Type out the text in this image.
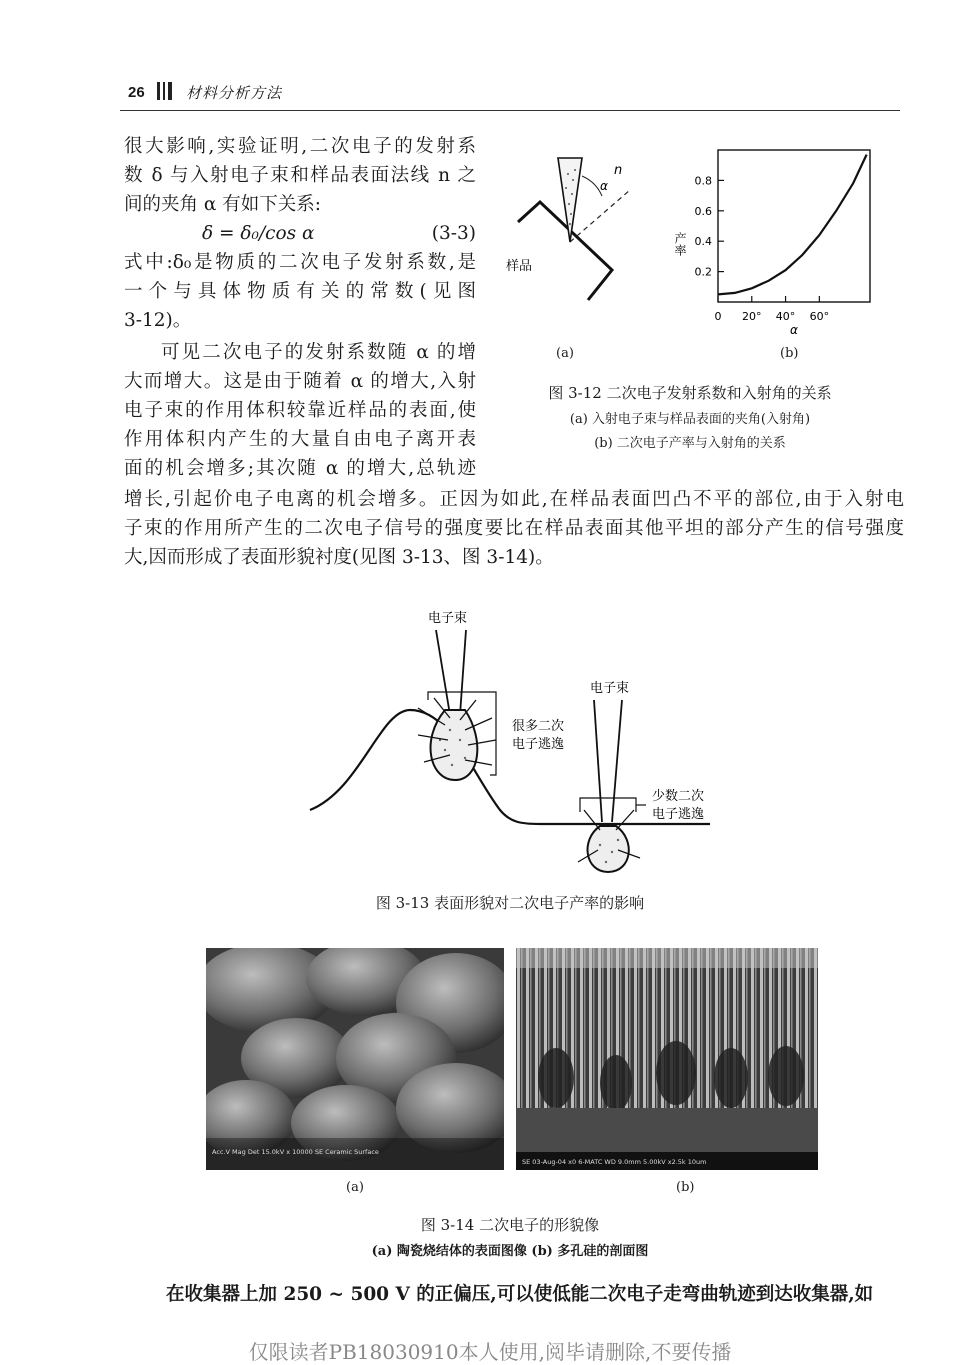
26	材料分析方法
很大影响,实验证明,二次电子的发射系
数 δ 与入射电子束和样品表面法线 n 之
间的夹角 α 有如下关系:
δ = δ₀/cos α	(3-3)
式中:δ₀是物质的二次电子发射系数,是
一个与具体物质有关的常数(见图
3-12)。
可见二次电子的发射系数随 α 的增
大而增大。这是由于随着 α 的增大,入射
电子束的作用体积较靠近样品的表面,使
作用体积内产生的大量自由电子离开表
面的机会增多;其次随 α 的增大,总轨迹
α
n
样品	0.2
0.4
0.6
0.8
0 20° 40° 60°
产率
α
(a)	(b)
图 3-12 二次电子发射系数和入射角的关系
(a) 入射电子束与样品表面的夹角(入射角)
(b) 二次电子产率与入射角的关系
增长,引起价电子电离的机会增多。正因为如此,在样品表面凹凸不平的部位,由于入射电
子束的作用所产生的二次电子信号的强度要比在样品表面其他平坦的部分产生的信号强度
大,因而形成了表面形貌衬度(见图 3-13、图 3-14)。
电子束
很多二次
电子逃逸
电子束
少数二次
电子逃逸
图 3-13 表面形貌对二次电子产率的影响
Acc.V Mag Det 15.0kV x 10000 SE Ceramic Surface
SE 03-Aug-04 x0 6-MATC WD 9.0mm 5.00kV x2.5k 10um
(a)	(b)
图 3-14 二次电子的形貌像
(a) 陶瓷烧结体的表面图像 (b) 多孔硅的剖面图
在收集器上加 250 ~ 500 V 的正偏压,可以使低能二次电子走弯曲轨迹到达收集器,如
仅限读者PB18030910本人使用,阅毕请删除,不要传播
